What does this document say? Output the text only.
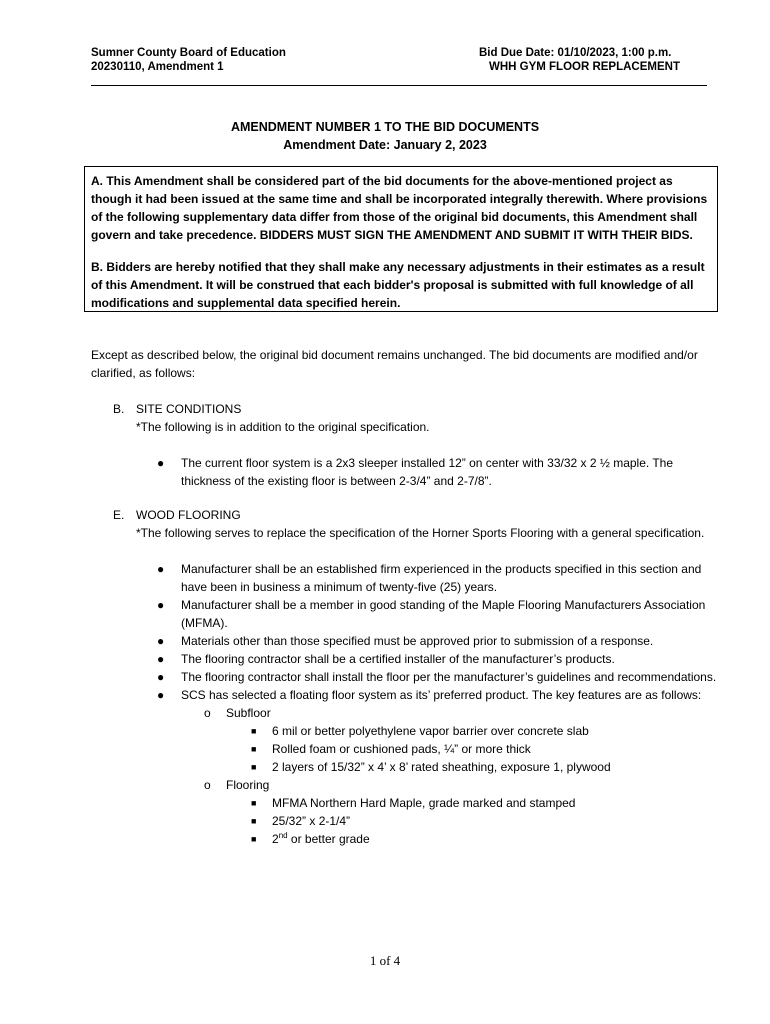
Sumner County Board of Education
20230110, Amendment 1
Bid Due Date: 01/10/2023, 1:00 p.m.
WHH GYM FLOOR REPLACEMENT
AMENDMENT NUMBER 1 TO THE BID DOCUMENTS
Amendment Date: January 2, 2023

A. This Amendment shall be considered part of the bid documents for the above-mentioned project as though it had been issued at the same time and shall be incorporated integrally therewith. Where provisions of the following supplementary data differ from those of the original bid documents, this Amendment shall govern and take precedence. BIDDERS MUST SIGN THE AMENDMENT AND SUBMIT IT WITH THEIR BIDS.

B. Bidders are hereby notified that they shall make any necessary adjustments in their estimates as a result of this Amendment. It will be construed that each bidder's proposal is submitted with full knowledge of all modifications and supplemental data specified herein.

Except as described below, the original bid document remains unchanged. The bid documents are modified and/or clarified, as follows:
B. SITE CONDITIONS
*The following is in addition to the original specification.
● The current floor system is a 2x3 sleeper installed 12” on center with 33/32 x 2 ½ maple. The thickness of the existing floor is between 2-3/4” and 2-7/8”.
E. WOOD FLOORING
*The following serves to replace the specification of the Horner Sports Flooring with a general specification.
● Manufacturer shall be an established firm experienced in the products specified in this section and have been in business a minimum of twenty-five (25) years.
● Manufacturer shall be a member in good standing of the Maple Flooring Manufacturers Association (MFMA).
● Materials other than those specified must be approved prior to submission of a response.
● The flooring contractor shall be a certified installer of the manufacturer’s products.
● The flooring contractor shall install the floor per the manufacturer’s guidelines and recommendations.
● SCS has selected a floating floor system as its’ preferred product. The key features are as follows:
o Subfloor
■ 6 mil or better polyethylene vapor barrier over concrete slab
■ Rolled foam or cushioned pads, ¼” or more thick
■ 2 layers of 15/32” x 4’ x 8’ rated sheathing, exposure 1, plywood
o Flooring
■ MFMA Northern Hard Maple, grade marked and stamped
■ 25/32” x 2-1/4”
■ 2nd or better grade
1 of 4
